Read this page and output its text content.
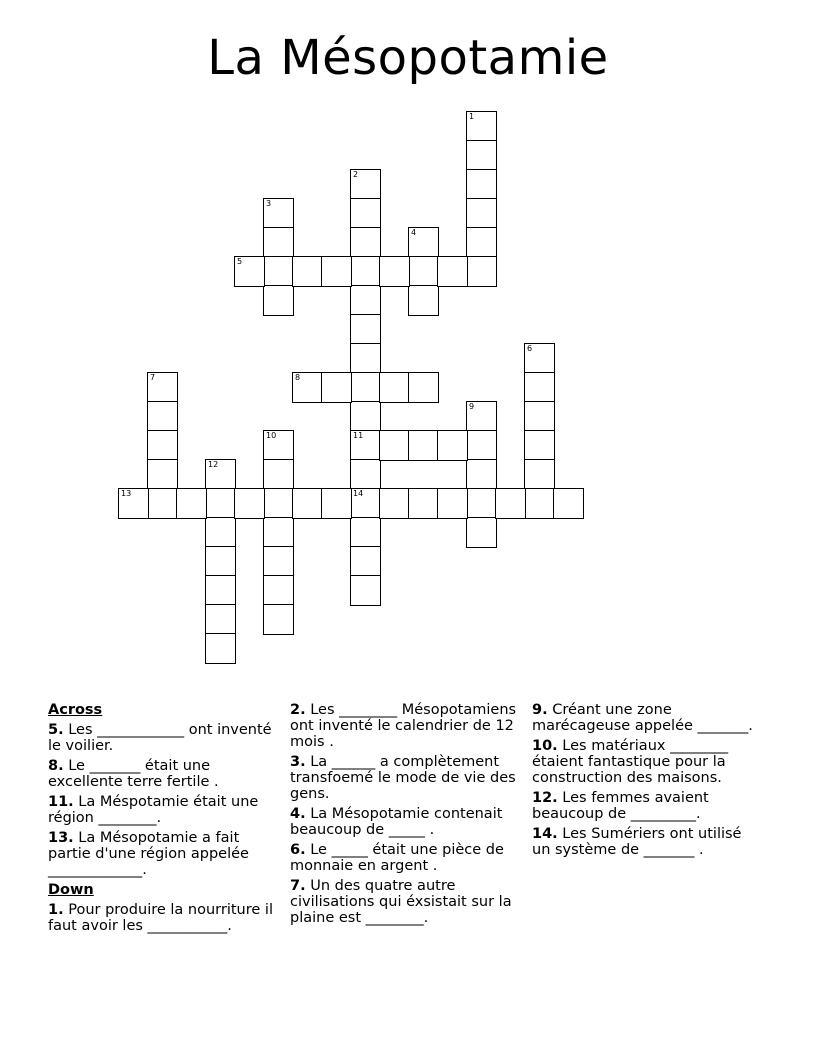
La Mésopotamie
1
2
11
14
3
4
5
6
7	8
9
10
12
13
Across
5. Les ____________ ont inventé le voilier.
8. Le _______ était une excellente terre fertile .
11. La Méspotamie était une région ________.
13. La Mésopotamie a fait partie d'une région appelée _____________.
Down
1. Pour produire la nourriture il faut avoir les ___________.
2. Les ________ Mésopotamiens ont inventé le calendrier de 12 mois .
3. La ______ a complètement transfoemé le mode de vie des gens.
4. La Mésopotamie contenait beaucoup de _____ .
6. Le _____ était une pièce de monnaie en argent .
7. Un des quatre autre civilisations qui éxsistait sur la plaine est ________.
9. Créant une zone marécageuse appelée _______.
10. Les matériaux ________ étaient fantastique pour la construction des maisons.
12. Les femmes avaient beaucoup de _________.
14. Les Sumériers ont utilisé un système de _______ .
